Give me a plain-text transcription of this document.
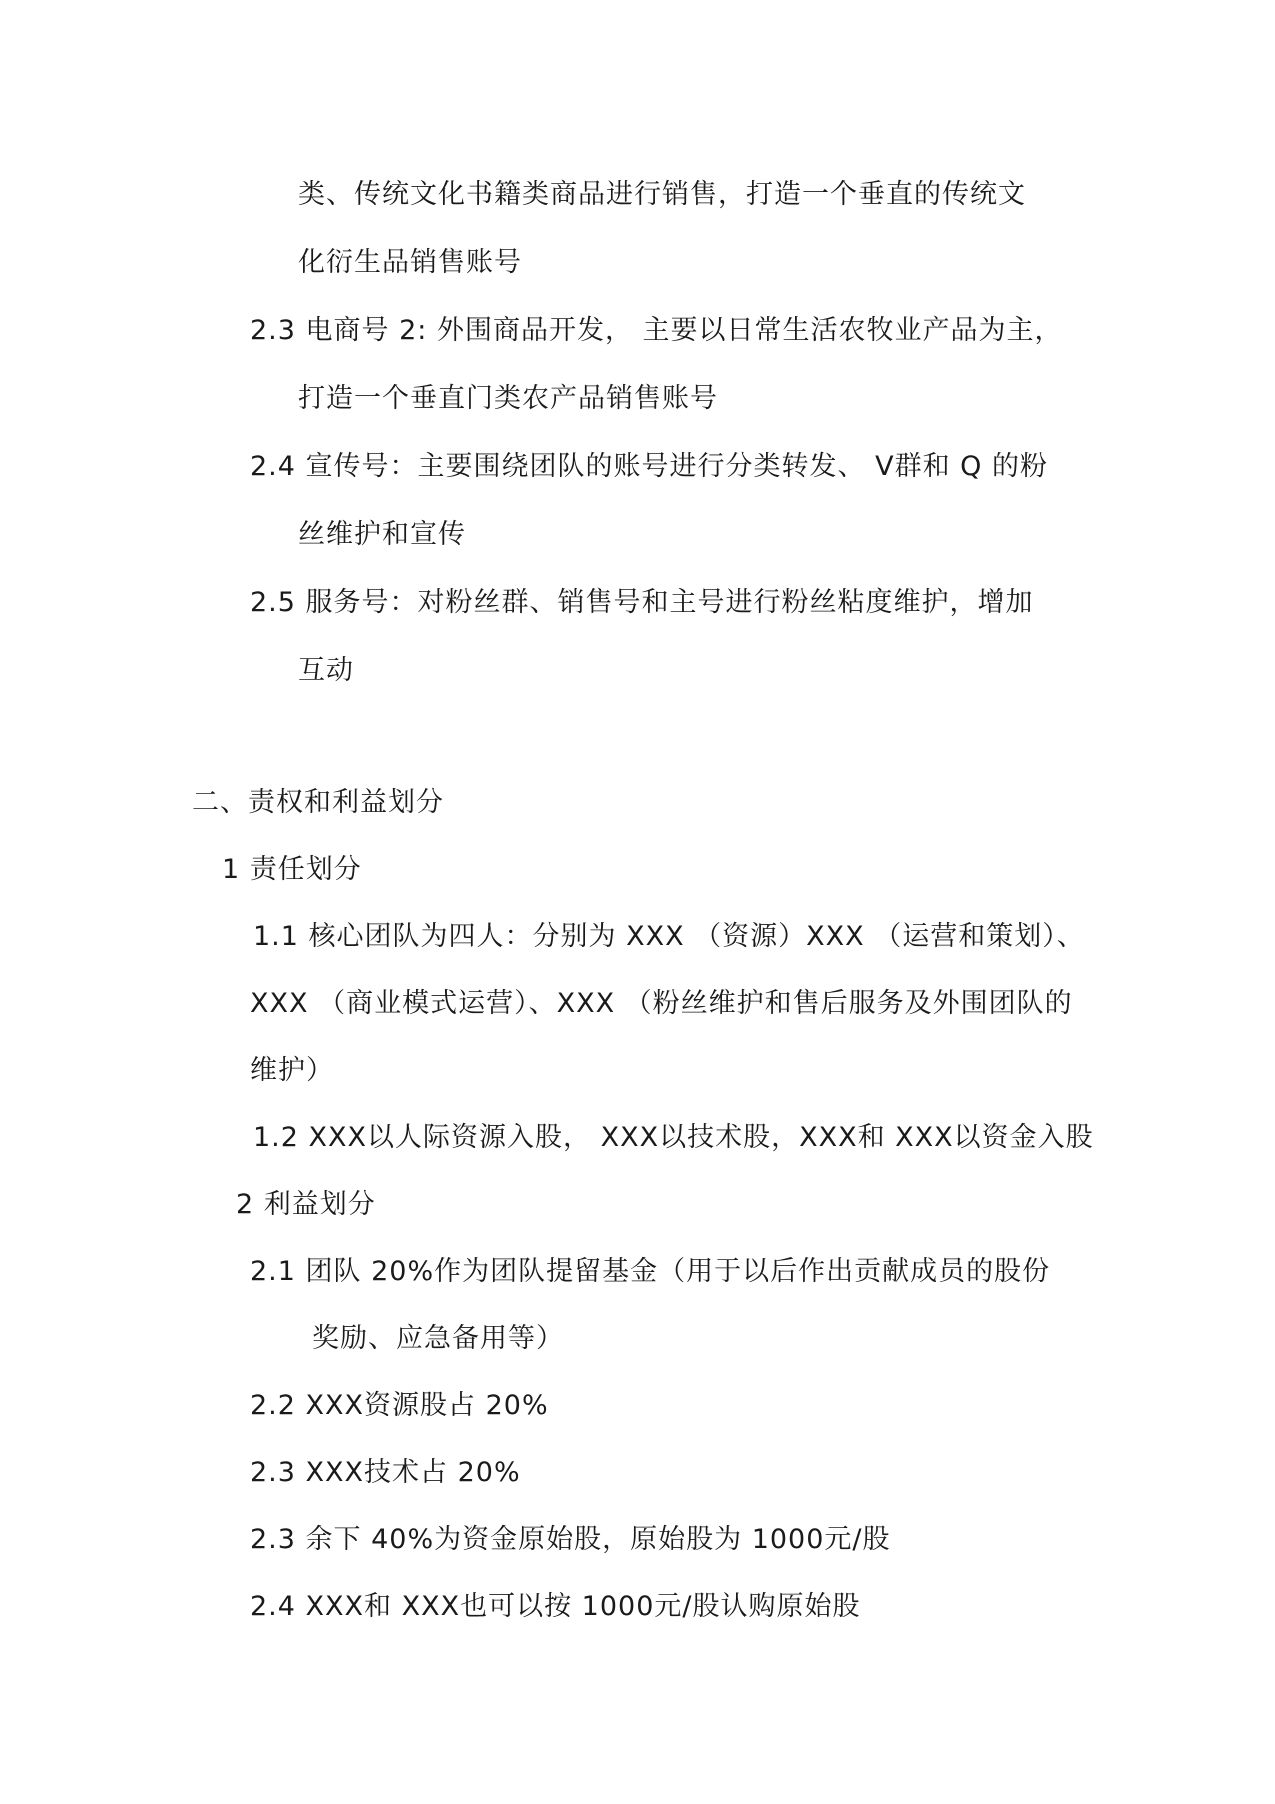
类、传统文化书籍类商品进行销售，打造一个垂直的传统文
化衍生品销售账号
2.3 电商号 2: 外围商品开发， 主要以日常生活农牧业产品为主，
打造一个垂直门类农产品销售账号
2.4 宣传号：主要围绕团队的账号进行分类转发、 V群和 Q 的粉
丝维护和宣传
2.5 服务号：对粉丝群、销售号和主号进行粉丝粘度维护，增加
互动
二、责权和利益划分
1 责任划分
1.1 核心团队为四人：分别为 XXX （资源）XXX （运营和策划）、
XXX （商业模式运营）、XXX （粉丝维护和售后服务及外围团队的
维护）
1.2 XXX以人际资源入股， XXX以技术股，XXX和 XXX以资金入股
2 利益划分
2.1 团队 20%作为团队提留基金（用于以后作出贡献成员的股份
奖励、应急备用等）
2.2 XXX资源股占 20%
2.3 XXX技术占 20%
2.3 余下 40%为资金原始股，原始股为 1000元/股
2.4 XXX和 XXX也可以按 1000元/股认购原始股
